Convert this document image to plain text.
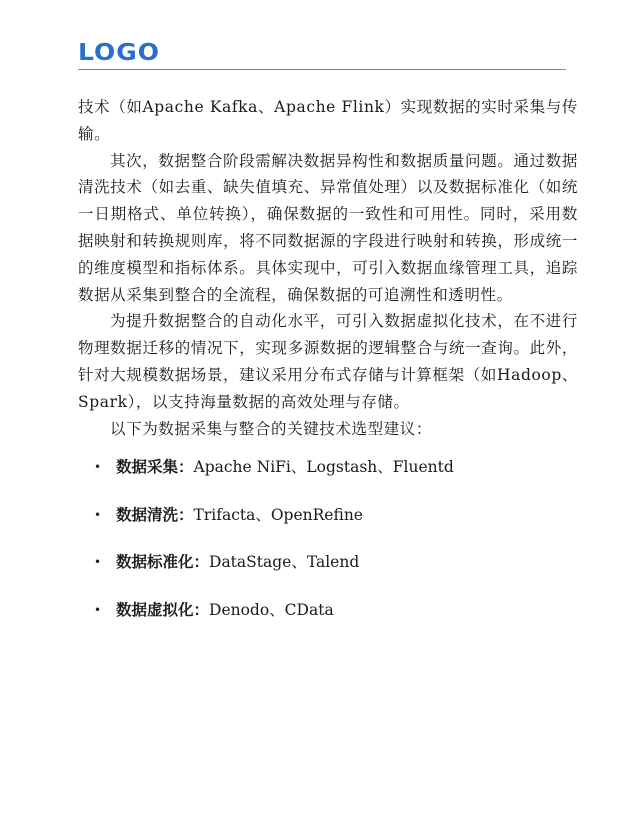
LOGO

技术（如Apache Kafka、Apache Flink）实现数据的实时采集与传输。

其次，数据整合阶段需解决数据异构性和数据质量问题。通过数据清洗技术（如去重、缺失值填充、异常值处理）以及数据标准化（如统一日期格式、单位转换），确保数据的一致性和可用性。同时，采用数据映射和转换规则库，将不同数据源的字段进行映射和转换，形成统一的维度模型和指标体系。具体实现中，可引入数据血缘管理工具，追踪数据从采集到整合的全流程，确保数据的可追溯性和透明性。

为提升数据整合的自动化水平，可引入数据虚拟化技术，在不进行物理数据迁移的情况下，实现多源数据的逻辑整合与统一查询。此外，针对大规模数据场景，建议采用分布式存储与计算框架（如Hadoop、Spark），以支持海量数据的高效处理与存储。

以下为数据采集与整合的关键技术选型建议：

• 数据采集：Apache NiFi、Logstash、Fluentd
• 数据清洗：Trifacta、OpenRefine
• 数据标准化：DataStage、Talend
• 数据虚拟化：Denodo、CData
